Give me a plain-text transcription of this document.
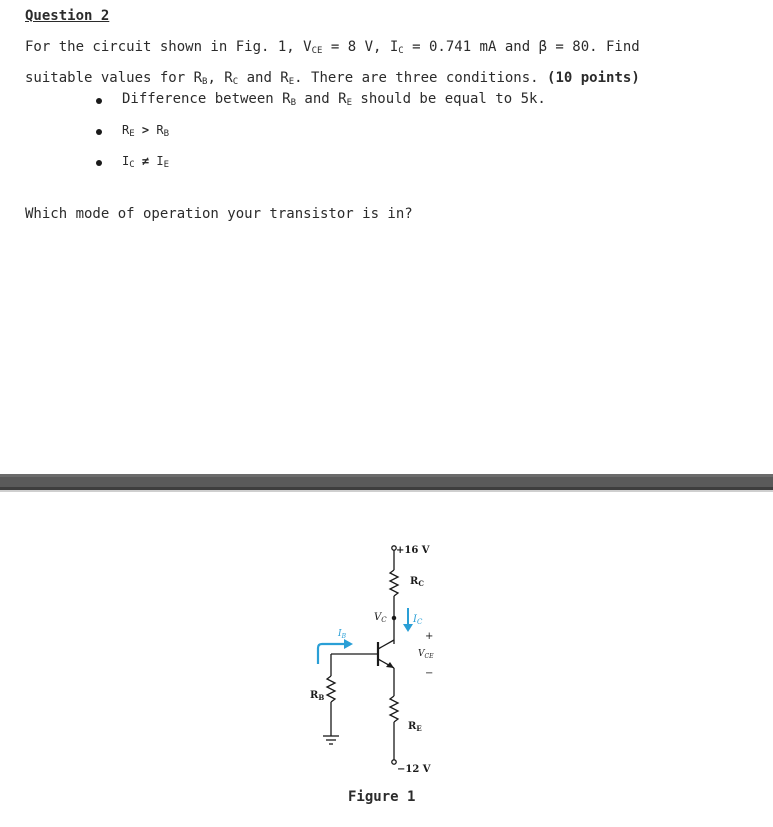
Question 2
For the circuit shown in Fig. 1, $V_{CE} = 8$ V, $I_C = 0.741$ mA and β = 80. Find
suitable values for $R_B$, $R_C$ and $R_E$. There are three conditions. (10 points)
Difference between $R_B$ and $R_E$ should be equal to 5k.
$R_E > R_B$
$I_C \ne I_E$
Which mode of operation your transistor is in?
+16 V
$R_C$
$V_C$	$I_C$
$I_B$	+
$V_{CE}$
−
$R_B$
$R_E$
−12 V
Figure 1
